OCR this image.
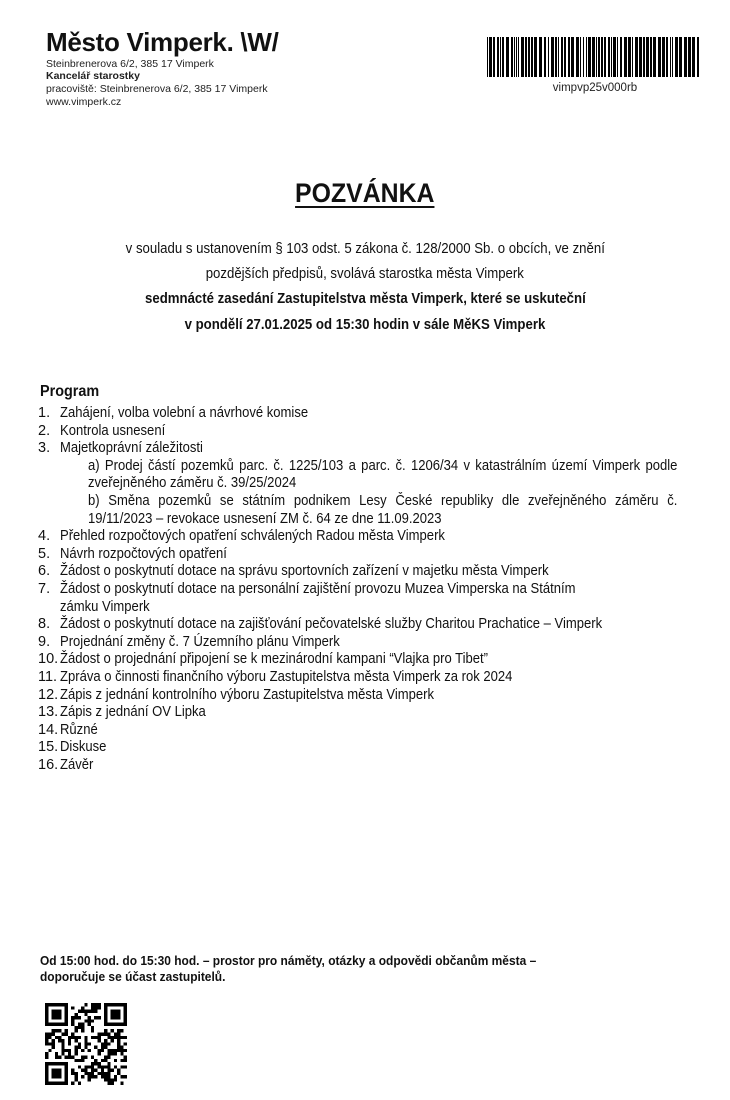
Město Vimperk. \W/
Steinbrenerova 6/2, 385 17 Vimperk
Kancelář starostky
pracoviště: Steinbrenerova 6/2, 385 17 Vimperk
www.vimperk.cz
vimpvp25v000rb
POZVÁNKA
v souladu s ustanovením § 103 odst. 5 zákona č. 128/2000 Sb. o obcích, ve znění
pozdějších předpisů, svolává starostka města Vimperk
sedmnácté zasedání Zastupitelstva města Vimperk, které se uskuteční
v pondělí 27.01.2025 od 15:30 hodin v sále MěKS Vimperk
Program
1. Zahájení, volba volební a návrhové komise
2. Kontrola usnesení
3. Majetkoprávní záležitosti
a) Prodej částí pozemků parc. č. 1225/103 a parc. č. 1206/34 v katastrálním území Vimperk podle zveřejněného záměru č. 39/25/2024
b) Směna pozemků se státním podnikem Lesy České republiky dle zveřejněného záměru č. 19/11/2023 – revokace usnesení ZM č. 64 ze dne 11.09.2023
4. Přehled rozpočtových opatření schválených Radou města Vimperk
5. Návrh rozpočtových opatření
6. Žádost o poskytnutí dotace na správu sportovních zařízení v majetku města Vimperk
7. Žádost o poskytnutí dotace na personální zajištění provozu Muzea Vimperska na Státním zámku Vimperk
8. Žádost o poskytnutí dotace na zajišťování pečovatelské služby Charitou Prachatice – Vimperk
9. Projednání změny č. 7 Územního plánu Vimperk
10. Žádost o projednání připojení se k mezinárodní kampani “Vlajka pro Tibet”
11. Zpráva o činnosti finančního výboru Zastupitelstva města Vimperk za rok 2024
12. Zápis z jednání kontrolního výboru Zastupitelstva města Vimperk
13. Zápis z jednání OV Lipka
14. Různé
15. Diskuse
16. Závěr
Od 15:00 hod. do 15:30 hod. – prostor pro náměty, otázky a odpovědi občanům města –
doporučuje se účast zastupitelů.
